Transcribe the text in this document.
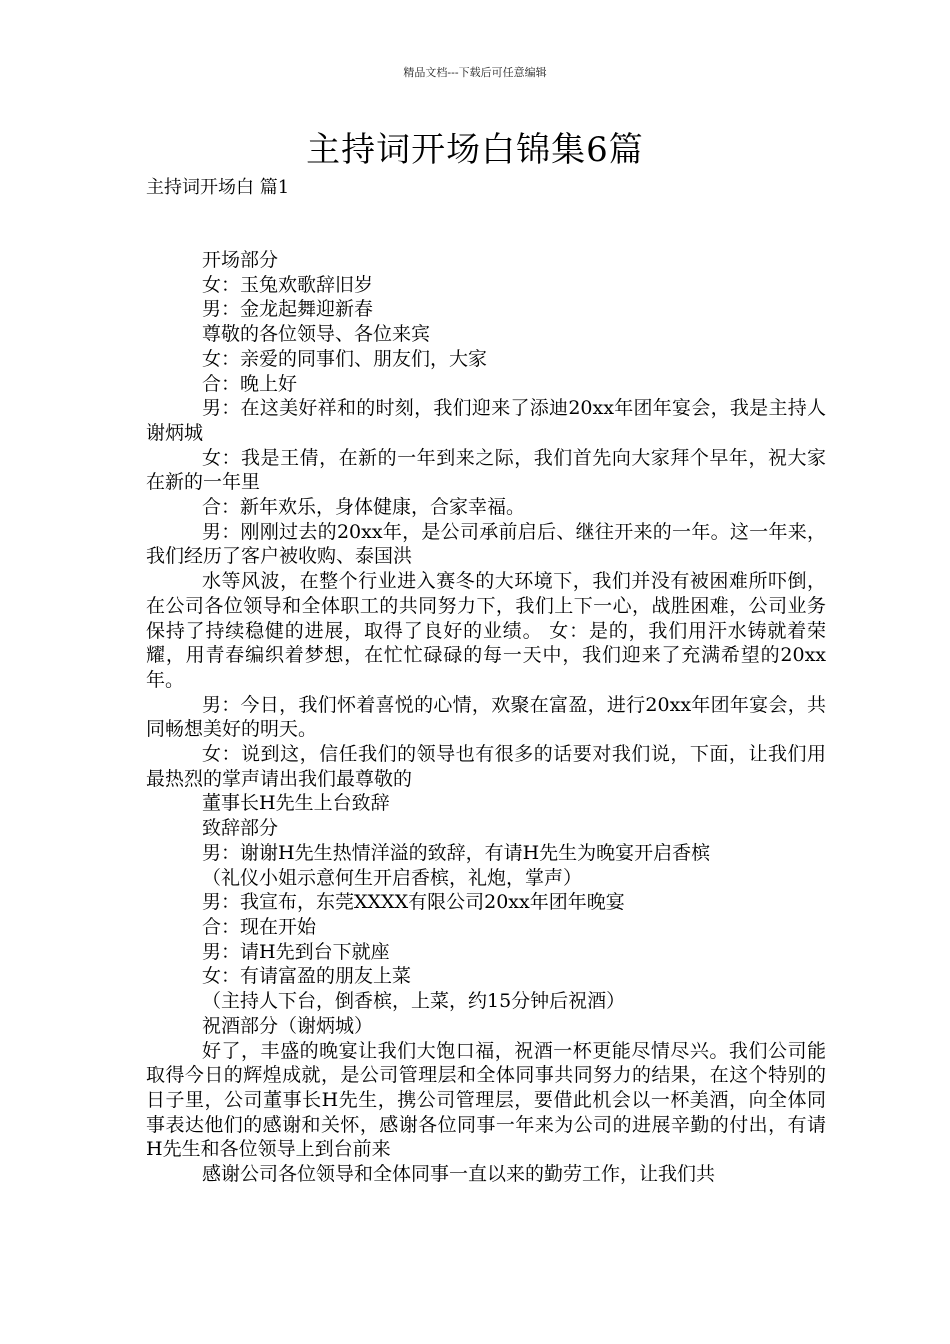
精品文档---下载后可任意编辑
主持词开场白锦集6篇
主持词开场白 篇1

开场部分

女：玉兔欢歌辞旧岁

男：金龙起舞迎新春

尊敬的各位领导、各位来宾

女：亲爱的同事们、朋友们，大家

合：晚上好

男：在这美好祥和的时刻，我们迎来了添迪20xx年团年宴会，我是主持人谢炳城

女：我是王倩，在新的一年到来之际，我们首先向大家拜个早年，祝大家在新的一年里

合：新年欢乐，身体健康，合家幸福。

男：刚刚过去的20xx年，是公司承前启后、继往开来的一年。这一年来，我们经历了客户被收购、泰国洪

水等风波，在整个行业进入赛冬的大环境下，我们并没有被困难所吓倒，在公司各位领导和全体职工的共同努力下，我们上下一心，战胜困难，公司业务保持了持续稳健的进展，取得了良好的业绩。 女：是的，我们用汗水铸就着荣耀，用青春编织着梦想，在忙忙碌碌的每一天中，我们迎来了充满希望的20xx年。

男：今日，我们怀着喜悦的心情，欢聚在富盈，进行20xx年团年宴会，共同畅想美好的明天。

女：说到这，信任我们的领导也有很多的话要对我们说，下面，让我们用最热烈的掌声请出我们最尊敬的

董事长H先生上台致辞

致辞部分

男：谢谢H先生热情洋溢的致辞，有请H先生为晚宴开启香槟

（礼仪小姐示意何生开启香槟，礼炮，掌声）

男：我宣布，东莞XXXX有限公司20xx年团年晚宴

合：现在开始

男：请H先到台下就座

女：有请富盈的朋友上菜

（主持人下台，倒香槟，上菜，约15分钟后祝酒）

祝酒部分（谢炳城）

好了，丰盛的晚宴让我们大饱口福，祝酒一杯更能尽情尽兴。我们公司能取得今日的辉煌成就，是公司管理层和全体同事共同努力的结果，在这个特别的日子里，公司董事长H先生，携公司管理层，要借此机会以一杯美酒，向全体同事表达他们的感谢和关怀，感谢各位同事一年来为公司的进展辛勤的付出，有请H先生和各位领导上到台前来

感谢公司各位领导和全体同事一直以来的勤劳工作，让我们共
